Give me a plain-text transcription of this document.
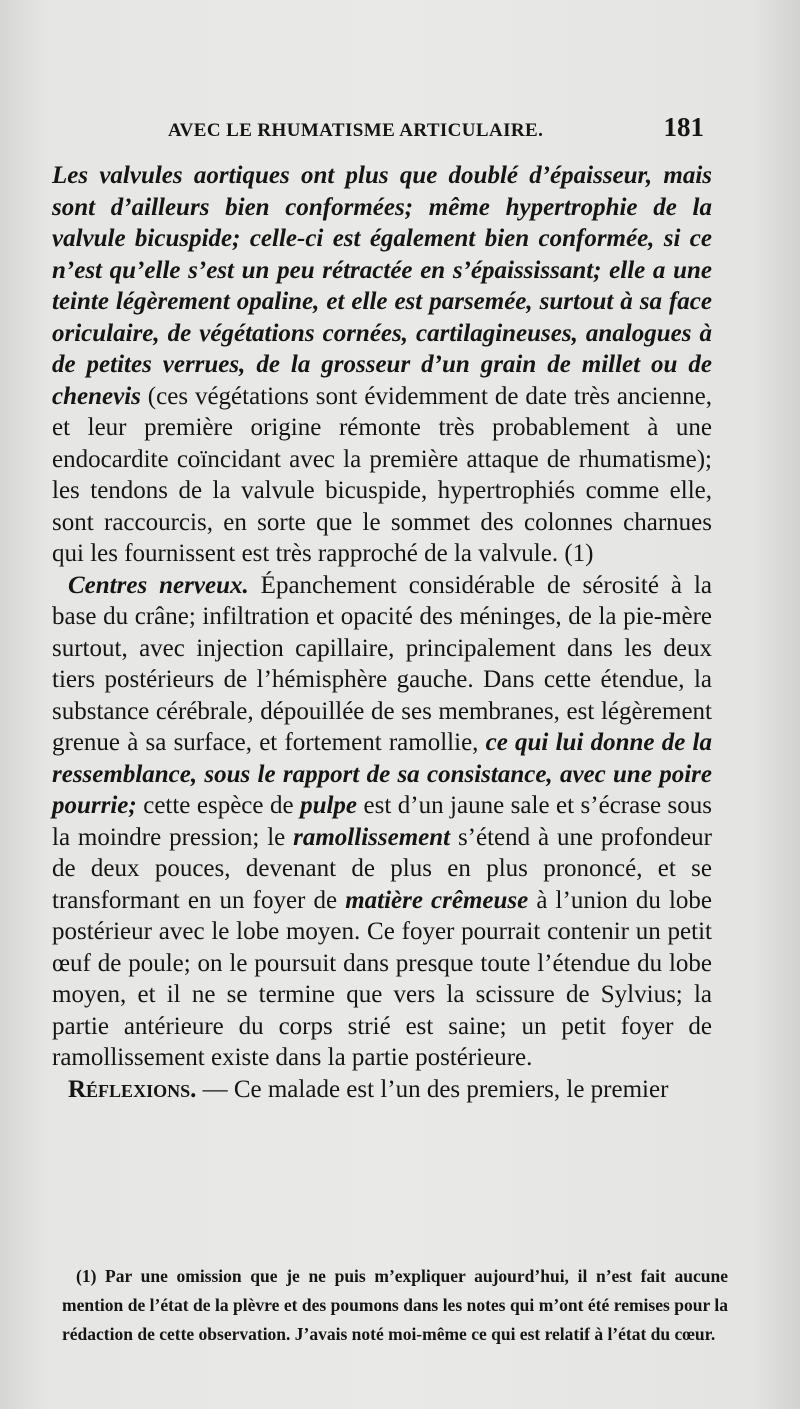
AVEC LE RHUMATISME ARTICULAIRE.	181

Les valvules aortiques ont plus que doublé d’épaisseur, mais sont d’ailleurs bien conformées; même hypertrophie de la valvule bicuspide; celle-ci est également bien conformée, si ce n’est qu’elle s’est un peu rétractée en s’épaississant; elle a une teinte légèrement opaline, et elle est parsemée, surtout à sa face oriculaire, de végétations cornées, cartilagineuses, analogues à de petites verrues, de la grosseur d’un grain de millet ou de chenevis (ces végétations sont évidemment de date très ancienne, et leur première origine rémonte très probablement à une endocardite coïncidant avec la première attaque de rhumatisme); les tendons de la valvule bicuspide, hypertrophiés comme elle, sont raccourcis, en sorte que le sommet des colonnes charnues qui les fournissent est très rapproché de la valvule. (1)

Centres nerveux. Épanchement considérable de sérosité à la base du crâne; infiltration et opacité des méninges, de la pie-mère surtout, avec injection capillaire, principalement dans les deux tiers postérieurs de l’hémisphère gauche. Dans cette étendue, la substance cérébrale, dépouillée de ses membranes, est légèrement grenue à sa surface, et fortement ramollie, ce qui lui donne de la ressemblance, sous le rapport de sa consistance, avec une poire pourrie; cette espèce de pulpe est d’un jaune sale et s’écrase sous la moindre pression; le ramollissement s’étend à une profondeur de deux pouces, devenant de plus en plus prononcé, et se transformant en un foyer de matière crêmeuse à l’union du lobe postérieur avec le lobe moyen. Ce foyer pourrait contenir un petit œuf de poule; on le poursuit dans presque toute l’étendue du lobe moyen, et il ne se termine que vers la scissure de Sylvius; la partie antérieure du corps strié est saine; un petit foyer de ramollissement existe dans la partie postérieure.

Réflexions. — Ce malade est l’un des premiers, le premier

(1) Par une omission que je ne puis m’expliquer aujourd’hui, il n’est fait aucune mention de l’état de la plèvre et des poumons dans les notes qui m’ont été remises pour la rédaction de cette observation. J’avais noté moi-même ce qui est relatif à l’état du cœur.
